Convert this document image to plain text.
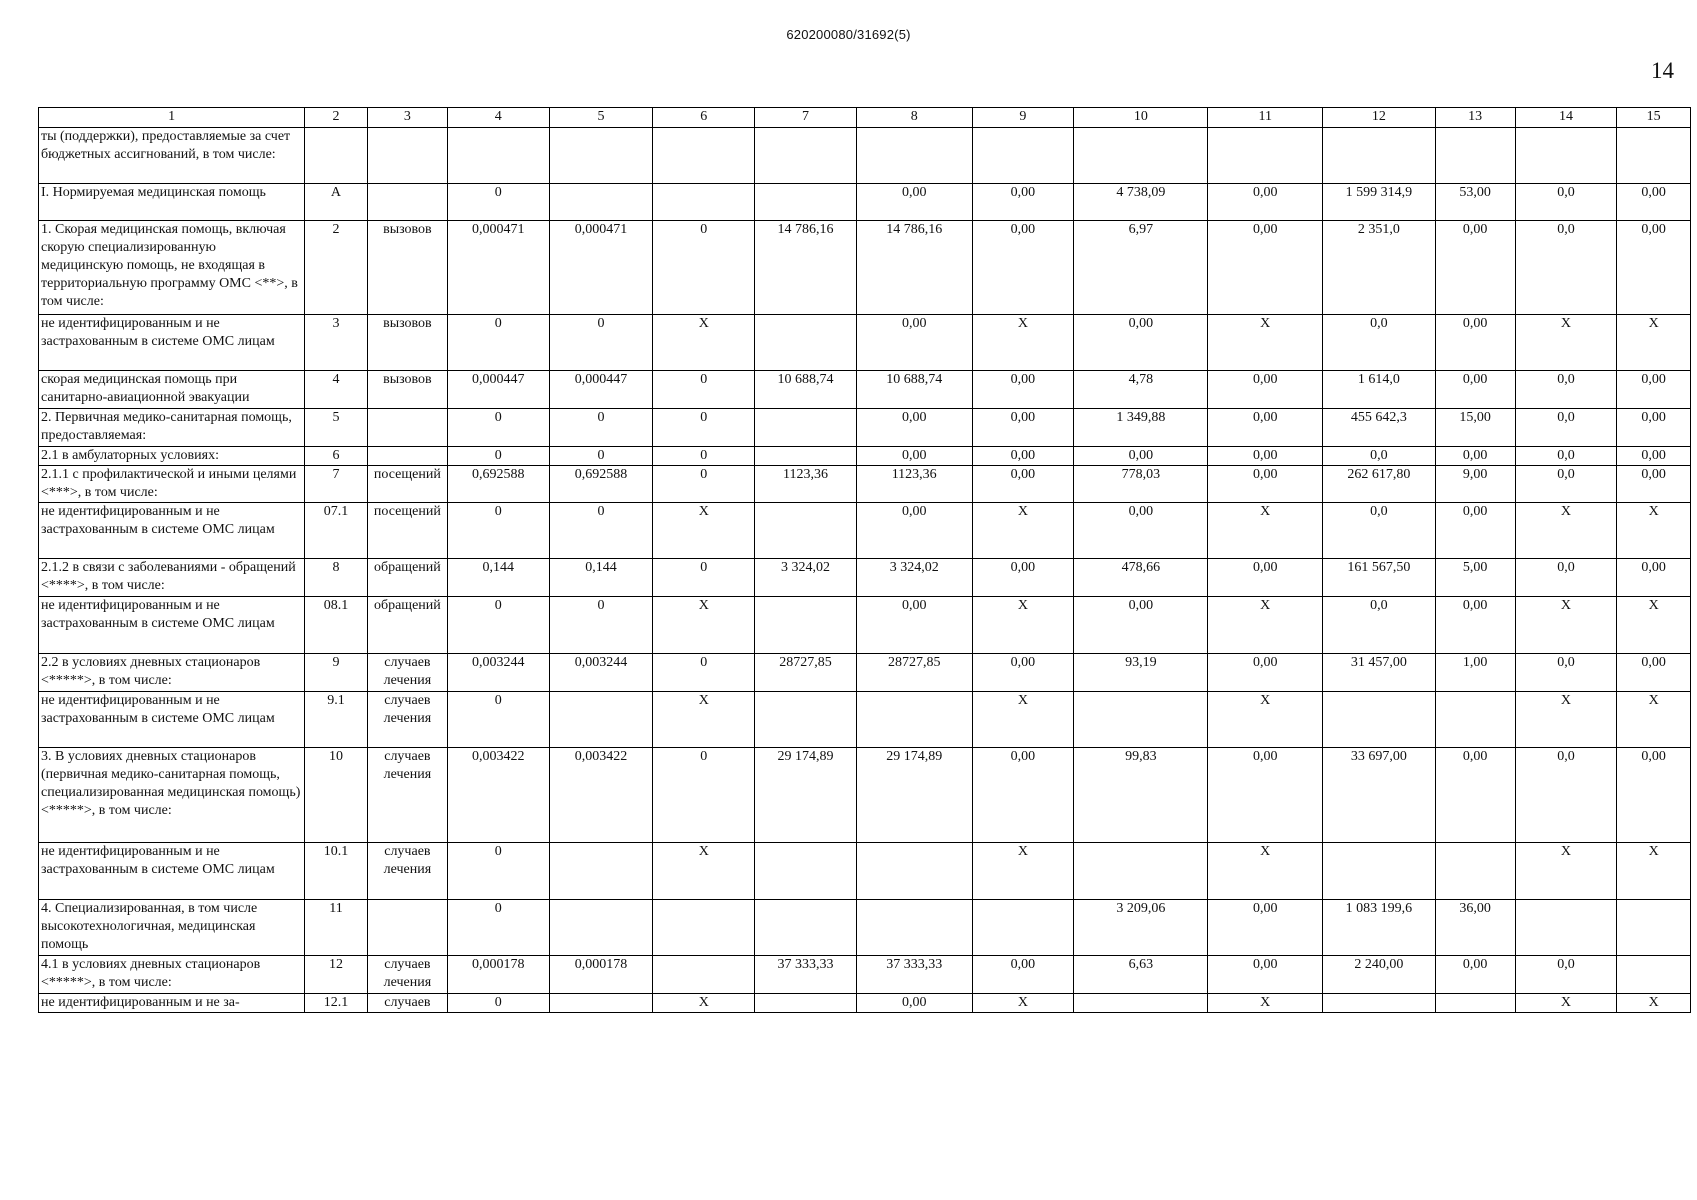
620200080/31692(5)
14
1	2	3	4	5	6	7	8	9	10	11	12	13	14	15
ты (поддержки), предоставляемые за счет бюджетных ассигнований, в том числе:														
I. Нормируемая медицинская помощь	А		0				0,00	0,00	4 738,09	0,00	1 599 314,9	53,00	0,0	0,00
1. Скорая медицинская помощь, включая скорую специализированную медицинскую помощь, не входящая в территориальную программу ОМС <**>, в том числе:	2	вызовов	0,000471	0,000471	0	14 786,16	14 786,16	0,00	6,97	0,00	2 351,0	0,00	0,0	0,00
не идентифицированным и не застрахованным в системе ОМС лицам	3	вызовов	0	0	Х		0,00	Х	0,00	Х	0,0	0,00	Х	Х
скорая медицинская помощь при санитарно-авиационной эвакуации	4	вызовов	0,000447	0,000447	0	10 688,74	10 688,74	0,00	4,78	0,00	1 614,0	0,00	0,0	0,00
2. Первичная медико-санитарная помощь, предоставляемая:	5		0	0	0		0,00	0,00	1 349,88	0,00	455 642,3	15,00	0,0	0,00
2.1 в амбулаторных условиях:	6		0	0	0		0,00	0,00	0,00	0,00	0,0	0,00	0,0	0,00
2.1.1 с профилактической и иными целями <***>, в том числе:	7	посещений	0,692588	0,692588	0	1123,36	1123,36	0,00	778,03	0,00	262 617,80	9,00	0,0	0,00
не идентифицированным и не застрахованным в системе ОМС лицам	07.1	посещений	0	0	Х		0,00	Х	0,00	Х	0,0	0,00	Х	Х
2.1.2 в связи с заболеваниями - обращений <****>, в том числе:	8	обращений	0,144	0,144	0	3 324,02	3 324,02	0,00	478,66	0,00	161 567,50	5,00	0,0	0,00
не идентифицированным и не застрахованным в системе ОМС лицам	08.1	обращений	0	0	Х		0,00	Х	0,00	Х	0,0	0,00	Х	Х
2.2 в условиях дневных стационаров <*****>, в том числе:	9	случаев лечения	0,003244	0,003244	0	28727,85	28727,85	0,00	93,19	0,00	31 457,00	1,00	0,0	0,00
не идентифицированным и не застрахованным в системе ОМС лицам	9.1	случаев лечения	0		Х			Х		Х			Х	Х
3. В условиях дневных стационаров (первичная медико-санитарная помощь, специализированная медицинская помощь) <*****>, в том числе:	10	случаев лечения	0,003422	0,003422	0	29 174,89	29 174,89	0,00	99,83	0,00	33 697,00	0,00	0,0	0,00
не идентифицированным и не застрахованным в системе ОМС лицам	10.1	случаев лечения	0		Х			Х		Х			Х	Х
4. Специализированная, в том числе высокотехнологичная, медицинская помощь	11		0						3 209,06	0,00	1 083 199,6	36,00		
4.1 в условиях дневных стационаров <*****>, в том числе:	12	случаев лечения	0,000178	0,000178		37 333,33	37 333,33	0,00	6,63	0,00	2 240,00	0,00	0,0	
не идентифицированным и не за-	12.1	случаев	0		Х		0,00	Х		Х			Х	Х
